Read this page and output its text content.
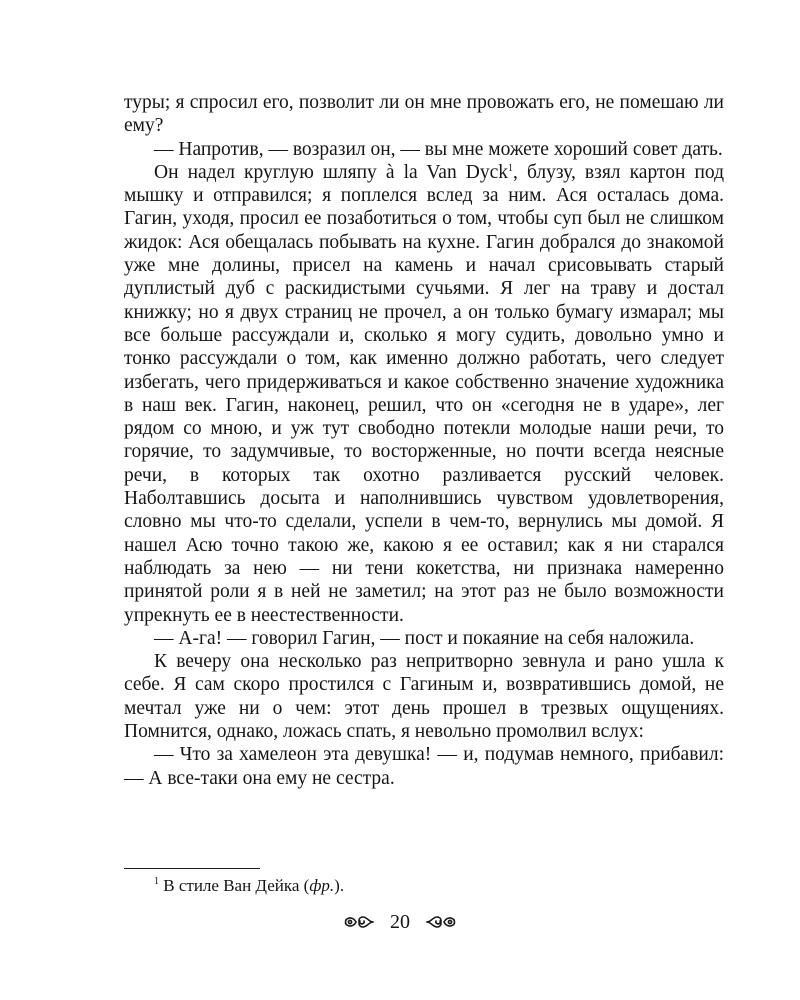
туры; я спросил его, позволит ли он мне провожать его, не помешаю ли ему?

— Напротив, — возразил он, — вы мне можете хороший совет дать.

Он надел круглую шляпу à la Van Dyck$^1$, блузу, взял картон под мышку и отправился; я поплелся вслед за ним. Ася осталась дома. Гагин, уходя, просил ее позаботиться о том, чтобы суп был не слишком жидок: Ася обещалась побывать на кухне. Гагин добрался до знакомой уже мне долины, присел на камень и начал срисовывать старый дуплистый дуб с раскидистыми сучьями. Я лег на траву и достал книжку; но я двух страниц не прочел, а он только бумагу измарал; мы все больше рассуждали и, сколько я могу судить, довольно умно и тонко рассуждали о том, как именно должно работать, чего следует избегать, чего придерживаться и какое собственно значение художника в наш век. Гагин, наконец, решил, что он «сегодня не в ударе», лег рядом со мною, и уж тут свободно потекли молодые наши речи, то горячие, то задумчивые, то восторженные, но почти всегда неясные речи, в которых так охотно разливается русский человек. Наболтавшись досыта и наполнившись чувством удовлетворения, словно мы что-то сделали, успели в чем-то, вернулись мы домой. Я нашел Асю точно такою же, какою я ее оставил; как я ни старался наблюдать за нею — ни тени кокетства, ни признака намеренно принятой роли я в ней не заметил; на этот раз не было возможности упрекнуть ее в неестественности.

— А-га! — говорил Гагин, — пост и покаяние на себя наложила.

К вечеру она несколько раз непритворно зевнула и рано ушла к себе. Я сам скоро простился с Гагиным и, возвратившись домой, не мечтал уже ни о чем: этот день прошел в трезвых ощущениях. Помнится, однако, ложась спать, я невольно промолвил вслух:

— Что за хамелеон эта девушка! — и, подумав немного, прибавил: — А все-таки она ему не сестра.

$^1$ В стиле Ван Дейка (фр.).
20
